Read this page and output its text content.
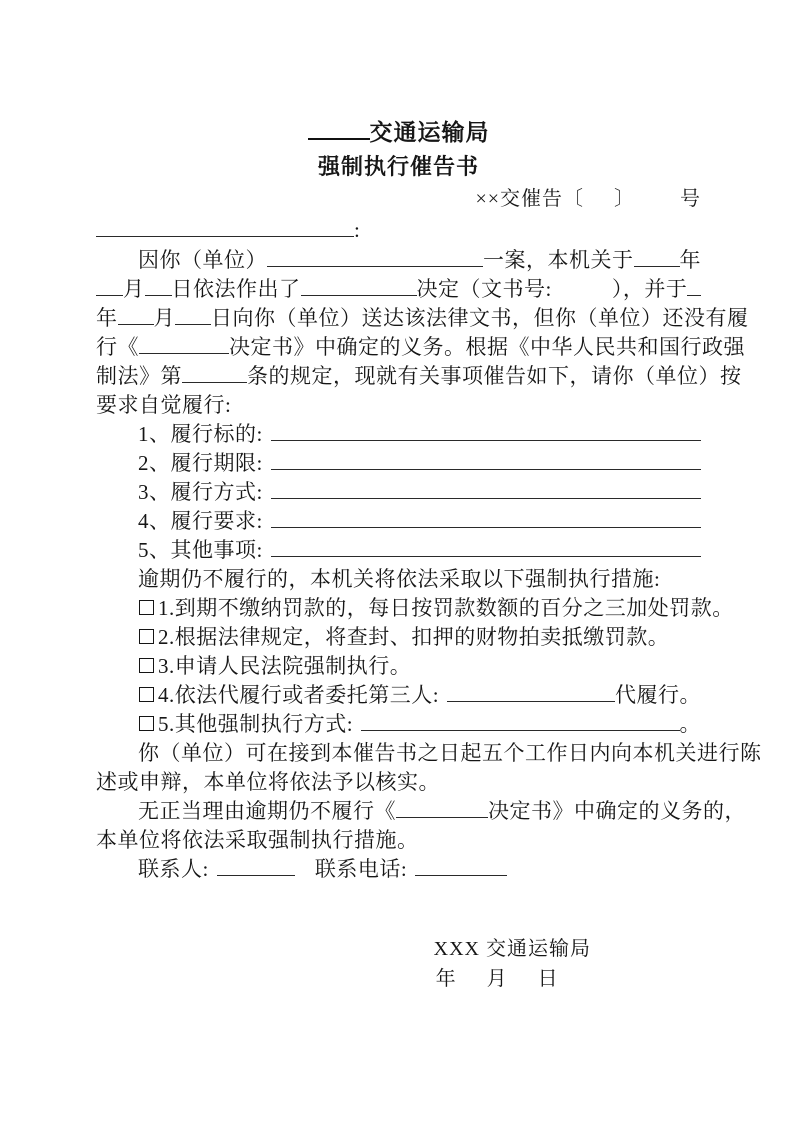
交通运输局
强制执行催告书
××交催告〔 〕 号
:
因你（单位）	一案，本机关于 年
月 日依法作出了	决定（文书号:	），并于
年 月 日向你（单位）送达该法律文书，但你（单位）还没有履
行《	决定书》中确定的义务。根据《中华人民共和国行政强
制法》第	条的规定，现就有关事项催告如下，请你（单位）按
要求自觉履行:
1、履行标的:
2、履行期限:
3、履行方式:
4、履行要求:
5、其他事项:
逾期仍不履行的，本机关将依法采取以下强制执行措施:
1. 到期不缴纳罚款的，每日按罚款数额的百分之三加处罚款。
2. 根据法律规定，将查封、扣押的财物拍卖抵缴罚款。
3. 申请人民法院强制执行。
4. 依法代履行或者委托第三人:	代履行。
5. 其他强制执行方式:	。
你（单位）可在接到本催告书之日起五个工作日内向本机关进行陈
述或申辩，本单位将依法予以核实。
无正当理由逾期仍不履行《	决定书》中确定的义务的，
本单位将依法采取强制执行措施。
联系人:	联系电话:
XXX 交通运输局
年 月 日
